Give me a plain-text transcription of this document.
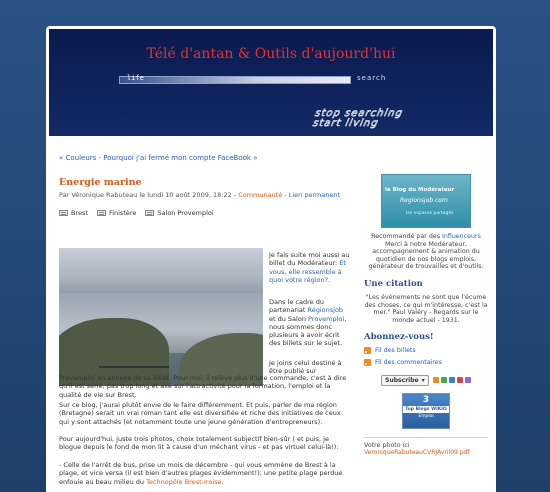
Télé d'antan & Outils d'aujourd'hui
life	search
stop searching
start living
« Couleurs - Pourquoi j'ai fermé mon compte FaceBook »
Energie marine
Par Véronique Rabuteau le lundi 10 août 2009, 18:22 - Communauté - Lien permanent
Brest	Finistère	Salon Provemploi
Je fais suite moi aussi au billet du Modérateur: Et vous, elle ressemble à quoi votre région?.
Dans le cadre du partenariat Régionsjob et du Salon Provemploi, nous sommes donc plusieurs à avoir écrit des billets sur le sujet.
Je joins celui destiné à être publié sur
Provemploi en annexe de ce billet. Pour moi, il relève plus d'une commande, c'est à dire qu'il est sérié, pas trop long et axé sur l'attractivité pour la formation, l'emploi et la qualité de vie sur Brest.
Sur ce blog, j'aurai plutôt envie de le faire différemment. Et puis, parler de ma région (Bretagne) serait un vrai roman tant elle est diversifiée et riche des initiatives de ceux qui y sont attachés (et notamment toute une jeune génération d'entrepreneurs).
Pour aujourd'hui, juste trois photos, choix totalement subjectif bien-sûr ( et puis, je blogue depuis le fond de mon lit à cause d'un méchant virus - et pas virtuel celui-là!):
- Celle de l'arrêt de bus, prise un mois de décembre - qui vous emmène de Brest à la plage, et vice versa (il est bien d'autres plages évidemment!); une petite plage perdue enfouie au beau milieu du Technopôle Brest-Iroise.
le Blog du Modérateur
Regionsjob.com
les espaces partagés
Recommandé par des Influenceurs Merci à notre Modérateur, accompagnement & animation du quotidien de nos blogs emplois, générateur de trouvailles et d'outils.
Une citation
"Les évènements ne sont que l'écume des choses, ce qui m'intéresse, c'est la mer." Paul Valéry - Regards sur le monde actuel - 1931.
Abonnez-vous!
Fil des billets
Fil des commentaires
Subscribe ▾

3
Top Blogs WIKIO
Emploi
Votre photo ici
VeroniqueRabuteauCVRJAvril09.pdf
